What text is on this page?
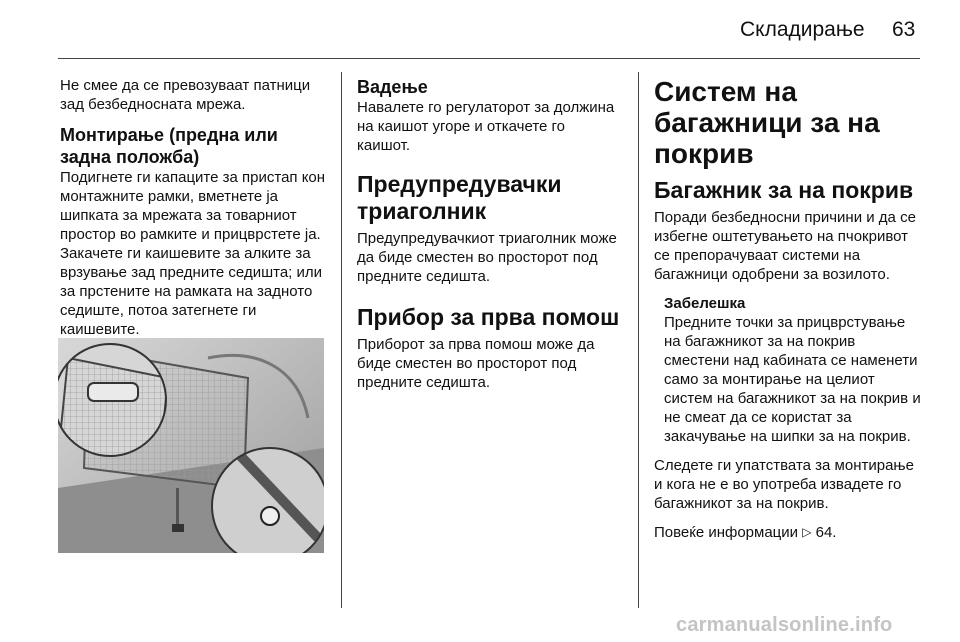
Складирање 63

Не смее да се превозуваат патници зад безбедносната мрежа.

Монтирање (предна или задна положба)

Подигнете ги капаците за пристап кон монтажните рамки, вметнете ја шипката за мрежата за товарниот простор во рамките и прицврстете ја. Закачете ги каишевите за алките за врзување зад предните седишта; или за прстените на рамката на задното седиште, потоа затегнете ги каишевите.

Вадење

Навалете го регулаторот за должина на каишот угоре и откачете го каишот.

Предупредувачки триаголник

Предупредувачкиот триаголник може да биде сместен во просторот под предните седишта.

Прибор за прва помош

Приборот за прва помош може да биде сместен во просторот под предните седишта.

Систем на багажници за на покрив
Багажник за на покрив

Поради безбедносни причини и да се избегне оштетувањето на пчокривот се препорачуваат системи на багажници одобрени за возилото.

Забелешка
Предните точки за прицврстување на багажникот за на покрив сместени над кабината се наменети само за монтирање на целиот систем на багажникот за на покрив и не смеат да се користат за закачување на шипки за на покрив.

Следете ги упатствата за монтирање и кога не е во употреба извадете го багажникот за на покрив.

Повеќе информации ▷ 64.

carmanualsonline.info
